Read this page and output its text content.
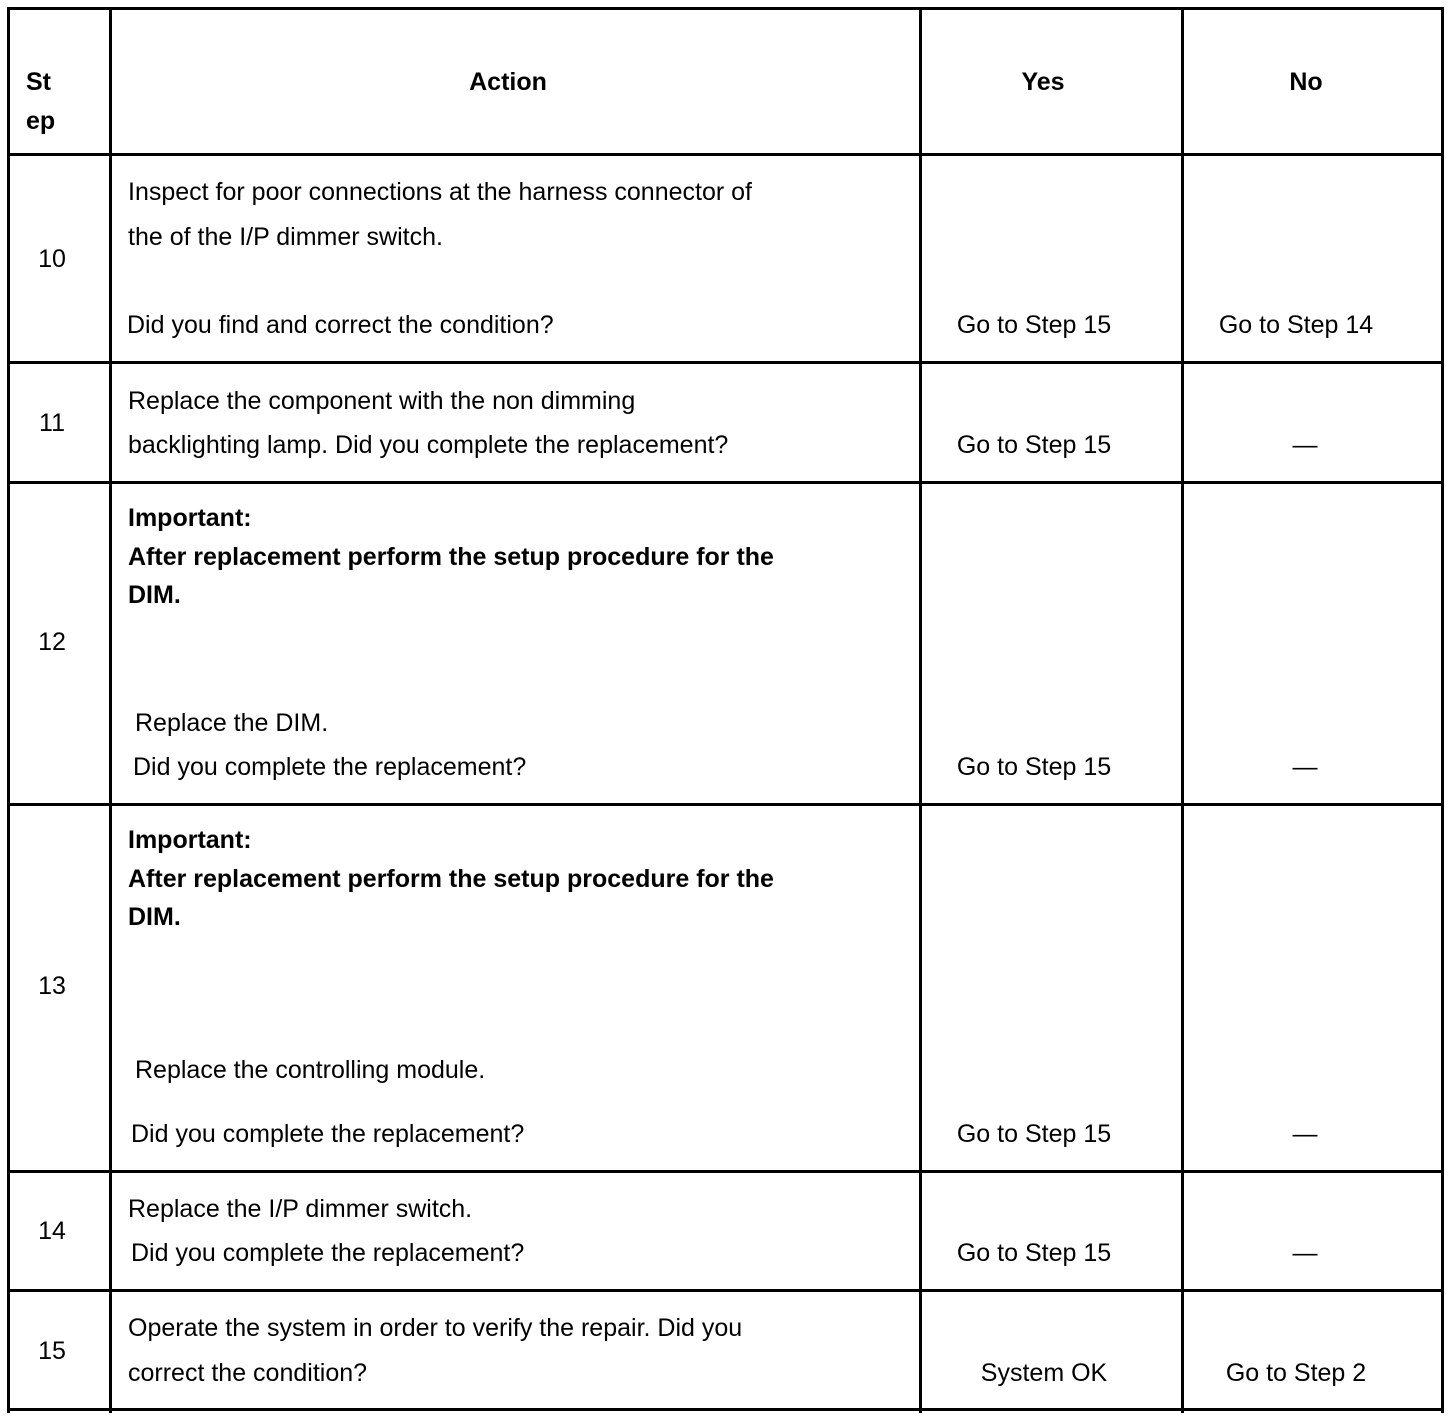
St
ep
Action	Yes	No
10
Inspect for poor connections at the harness connector of
the of the I/P dimmer switch.
Did you find and correct the condition?	Go to Step 15	Go to Step 14
11
Replace the component with the non dimming
backlighting lamp. Did you complete the replacement?	Go to Step 15	—
12
Important:
After replacement perform the setup procedure for the
DIM.
Replace the DIM.
Did you complete the replacement?	Go to Step 15	—
13
Important:
After replacement perform the setup procedure for the
DIM.
Replace the controlling module.
Did you complete the replacement?	Go to Step 15	—
14
Replace the I/P dimmer switch.
Did you complete the replacement?	Go to Step 15	—
15
Operate the system in order to verify the repair. Did you
correct the condition?	System OK	Go to Step 2
